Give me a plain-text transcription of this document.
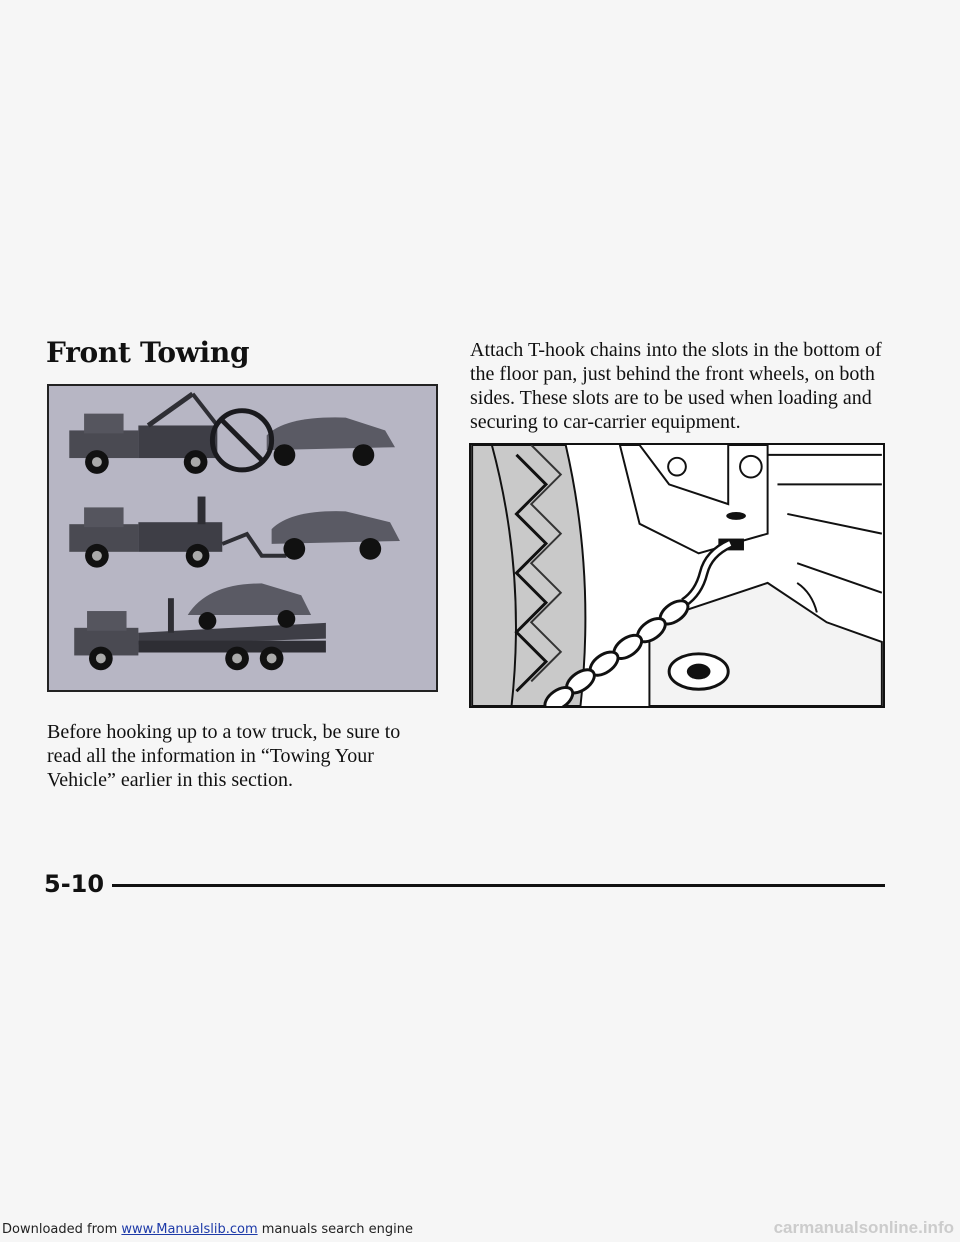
Front Towing

Before hooking up to a tow truck, be sure to read all the information in “Towing Your Vehicle” earlier in this section.

Attach T-hook chains into the slots in the bottom of the floor pan, just behind the front wheels, on both sides. These slots are to be used when loading and securing to car-carrier equipment.

5-10
Downloaded from www.Manualslib.com manuals search engine	carmanualsonline.info
